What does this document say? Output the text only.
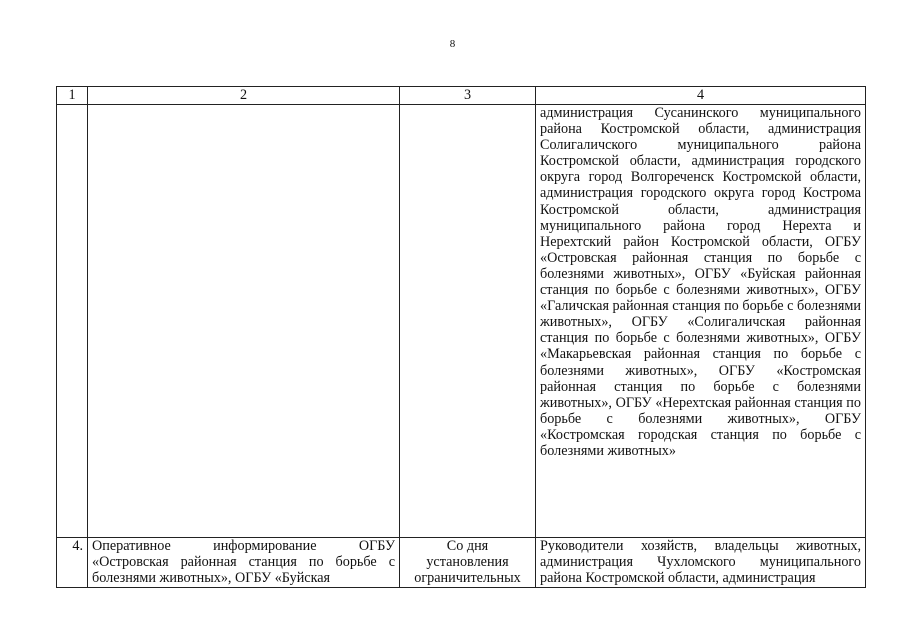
8
1	2	3	4
			администрация Сусанинского муниципального района Костромской области, администрация Солигаличского муниципального района Костромской области, администрация городского округа город Волгореченск Костромской области, администрация городского округа город Кострома Костромской области, администрация муниципального района город Нерехта и Нерехтский район Костромской области, ОГБУ «Островская районная станция по борьбе с болезнями животных», ОГБУ «Буйская районная станция по борьбе с болезнями животных», ОГБУ «Галичская районная станция по борьбе с болезнями животных», ОГБУ «Солигаличская районная станция по борьбе с болезнями животных», ОГБУ «Макарьевская районная станция по борьбе с болезнями животных», ОГБУ «Костромская районная станция по борьбе с болезнями животных», ОГБУ «Нерехтская районная станция по борьбе с болезнями животных», ОГБУ «Костромская городская станция по борьбе с болезнями животных»

4.	Оперативное информирование ОГБУ «Островская районная станция по борьбе с болезнями животных», ОГБУ «Буйская	Со дня установления ограничительных	Руководители хозяйств, владельцы животных, администрация Чухломского муниципального района Костромской области, администрация
